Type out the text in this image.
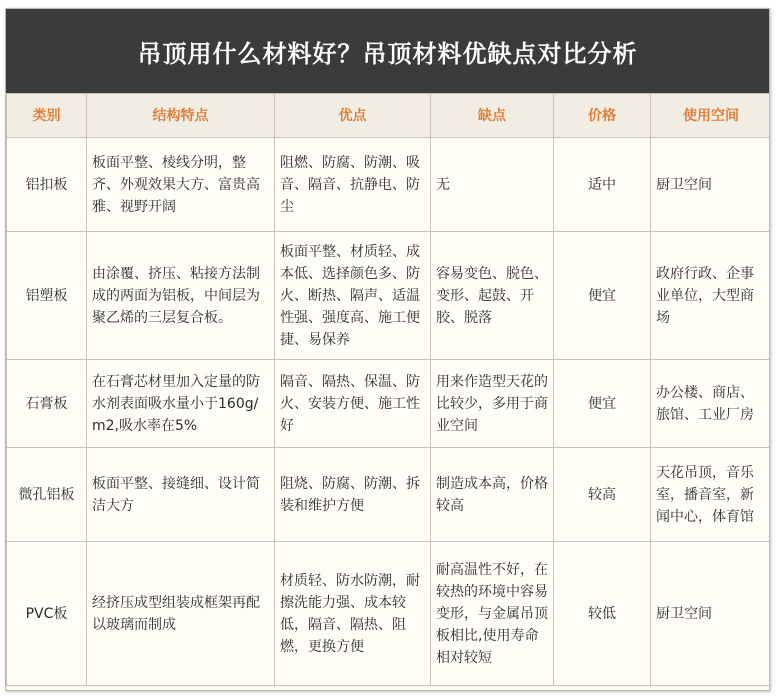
吊顶用什么材料好？吊顶材料优缺点对比分析
类别	结构特点	优点	缺点	价格	使用空间
铝扣板	板面平整、棱线分明，整齐、外观效果大方、富贵高雅、视野开阔	阻燃、防腐、防潮、吸音、隔音、抗静电、防尘	无	适中	厨卫空间
铝塑板	由涂覆、挤压、粘接方法制成的两面为铝板，中间层为聚乙烯的三层复合板。	板面平整、材质轻、成本低、选择颜色多、防火、断热、隔声、适温性强、强度高、施工便捷、易保养	容易变色、脱色、变形、起鼓、开胶、脱落	便宜	政府行政、企事业单位，大型商场
石膏板	在石膏芯材里加入定量的防水剂表面吸水量小于160g/m2,吸水率在5%	隔音、隔热、保温、防火、安装方便、施工性好	用来作造型天花的比较少，多用于商业空间	便宜	办公楼、商店、旅馆、工业厂房
微孔铝板	板面平整、接缝细、设计简洁大方	阻烧、防腐、防潮、拆装和维护方便	制造成本高，价格较高	较高	天花吊顶，音乐室，播音室，新闻中心，体育馆
PVC板	经挤压成型组装成框架再配以玻璃而制成	材质轻、防水防潮，耐擦洗能力强、成本较低，隔音、隔热、阻燃，更换方便	耐高温性不好，在较热的环境中容易变形，与金属吊顶板相比,使用寿命相对较短	较低	厨卫空间
